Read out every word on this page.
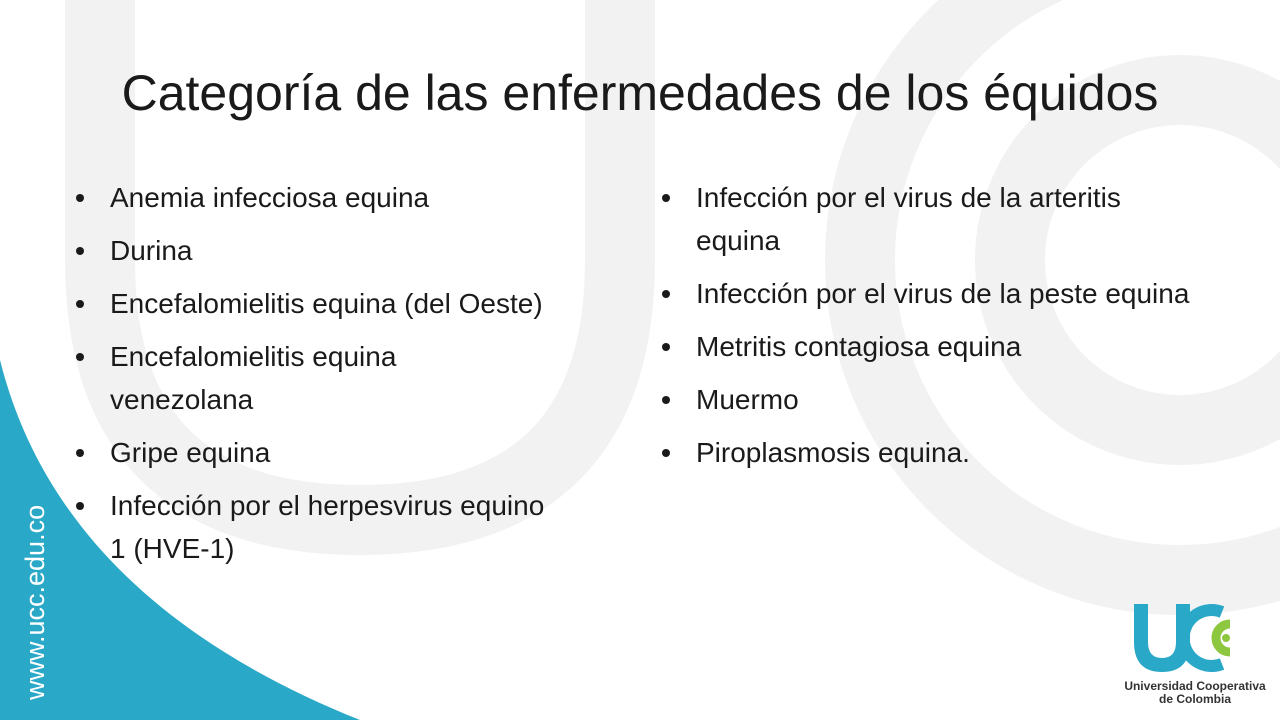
Categoría de las enfermedades de los équidos
Anemia infecciosa equina
Durina
Encefalomielitis equina (del Oeste)
Encefalomielitis equina venezolana
Gripe equina
Infección por el herpesvirus equino 1 (HVE-1)
Infección por el virus de la arteritis equina
Infección por el virus de la peste equina
Metritis contagiosa equina
Muermo
Piroplasmosis equina.
www.ucc.edu.co	Universidad Cooperativa
de Colombia
